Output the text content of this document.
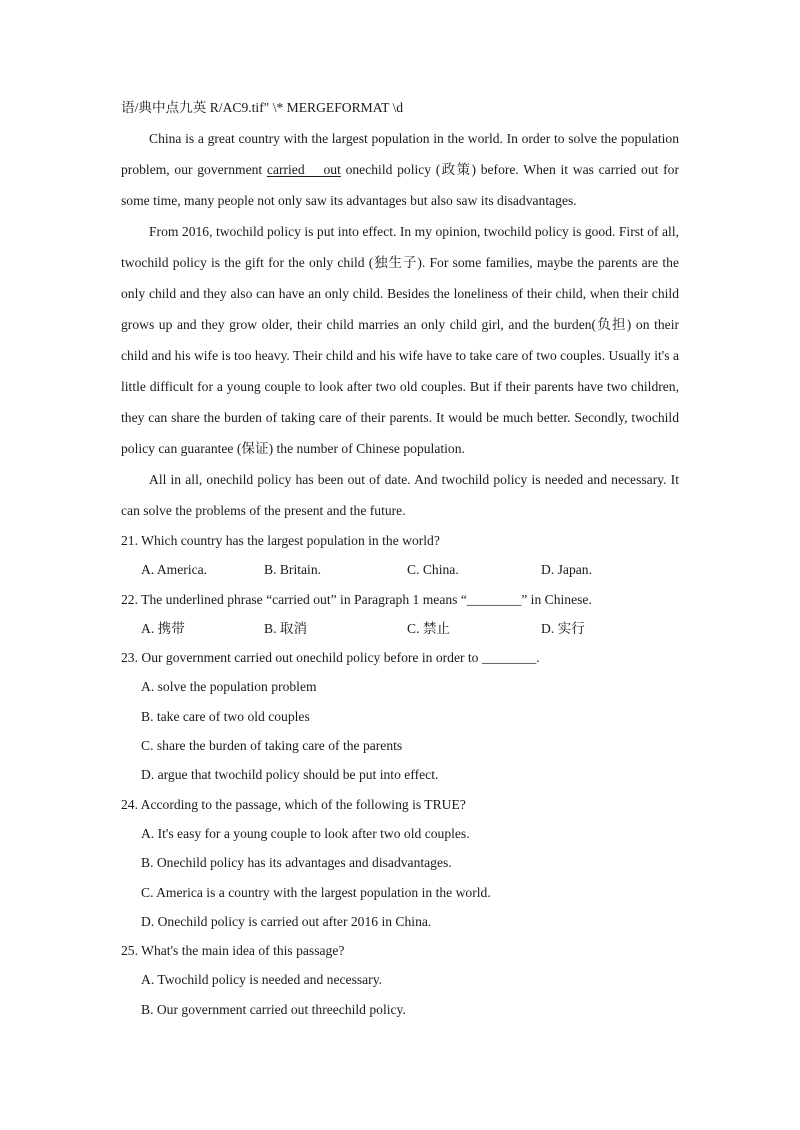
语/典中点九英 R/AC9.tif" \* MERGEFORMAT \d

China is a great country with the largest population in the world. In order to solve the population problem, our government carried    out onechild policy (政策) before. When it was carried out for some time, many people not only saw its advantages but also saw its disadvantages.

From 2016, twochild policy is put into effect. In my opinion, twochild policy is good. First of all, twochild policy is the gift for the only child (独生子). For some families, maybe the parents are the only child and they also can have an only child. Besides the loneliness of their child, when their child grows up and they grow older, their child marries an only child girl, and the burden(负担) on their child and his wife is too heavy. Their child and his wife have to take care of two couples. Usually it's a little difficult for a young couple to look after two old couples. But if their parents have two children, they can share the burden of taking care of their parents. It would be much better. Secondly, twochild policy can guarantee (保证) the number of Chinese population.

All in all, onechild policy has been out of date. And twochild policy is needed and necessary. It can solve the problems of the present and the future.

21. Which country has the largest population in the world?

A. America.	B. Britain.	C. China.	D. Japan.

22. The underlined phrase “carried out” in Paragraph 1 means “________” in Chinese.

A. 携带	B. 取消	C. 禁止	D. 实行

23. Our government carried out onechild policy before in order to ________.

A. solve the population problem

B. take care of two old couples

C. share the burden of taking care of the parents

D. argue that twochild policy should be put into effect.

24. According to the passage, which of the following is TRUE?

A. It's easy for a young couple to look after two old couples.

B. Onechild policy has its advantages and disadvantages.

C. America is a country with the largest population in the world.

D. Onechild policy is carried out after 2016 in China.

25. What's the main idea of this passage?

A. Twochild policy is needed and necessary.

B. Our government carried out threechild policy.
